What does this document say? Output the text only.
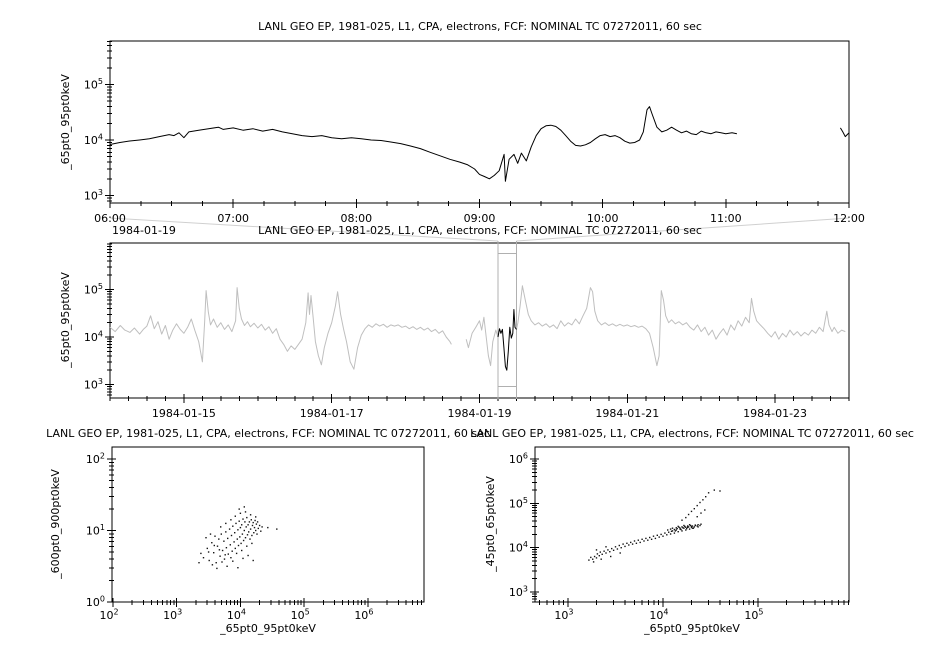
$10^3$
$10^4$
$10^5$
06:00	07:00	08:00	09:00	10:00	11:00	12:00
$10^3$
$10^4$
$10^5$
1984-01-15	1984-01-17	1984-01-19	1984-01-21	1984-01-23
$10^0$
$10^1$
$10^2$
$10^2$	$10^3$	$10^4$	$10^5$	$10^6$
$10^3$
$10^4$
$10^5$
$10^6$
$10^3$	$10^4$	$10^5$
LANL GEO EP, 1981-025, L1, CPA, electrons, FCF: NOMINAL TC 07272011, 60 sec
1984-01-19	LANL GEO EP, 1981-025, L1, CPA, electrons, FCF: NOMINAL TC 07272011, 60 sec
LANL GEO EP, 1981-025, L1, CPA, electrons, FCF: NOMINAL TC 07272011, 60 sec
LANL GEO EP, 1981-025, L1, CPA, electrons, FCF: NOMINAL TC 07272011, 60 sec
_65pt0_95pt0keV
_65pt0_95pt0keV
_600pt0_900pt0keV	_45pt0_65pt0keV
_65pt0_95pt0keV	_65pt0_95pt0keV
